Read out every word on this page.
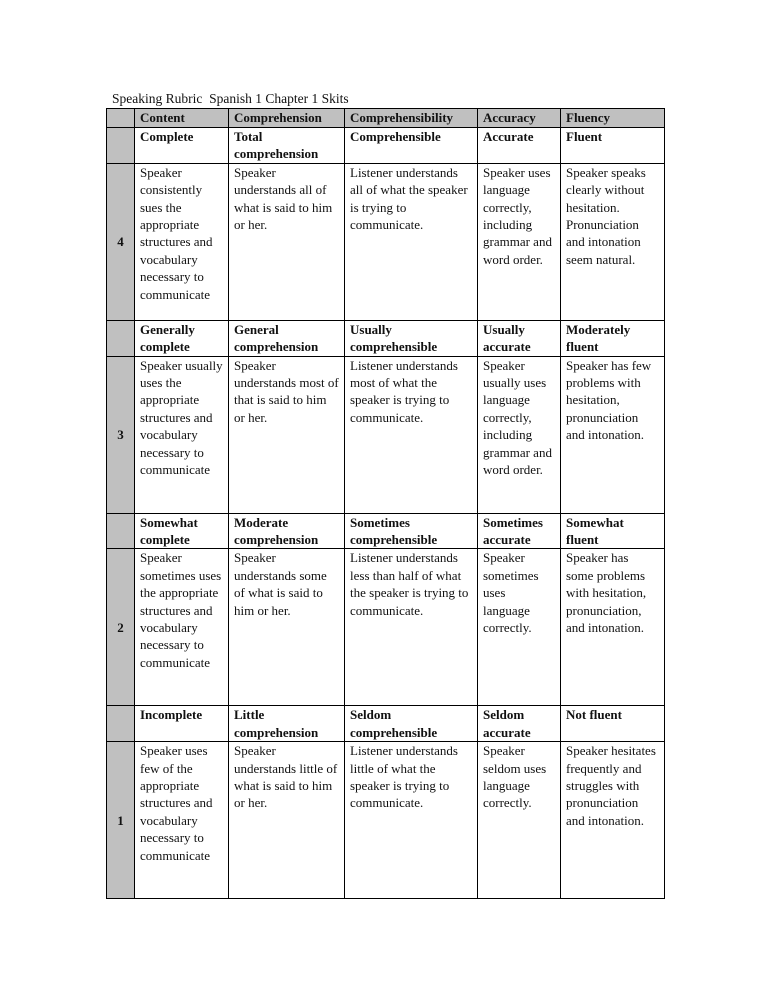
Speaking Rubric  Spanish 1 Chapter 1 Skits
	Content	Comprehension	Comprehensibility	Accuracy	Fluency
	Complete	Total comprehension	Comprehensible	Accurate	Fluent
4	Speaker consistently sues the appropriate structures and vocabulary necessary to communicate	Speaker understands all of what is said to him or her.	Listener understands all of what the speaker is trying to communicate.	Speaker uses language correctly, including grammar and word order.	Speaker speaks clearly without hesitation. Pronunciation and intonation seem natural.
	Generally complete	General comprehension	Usually comprehensible	Usually accurate	Moderately fluent
3	Speaker usually uses the appropriate structures and vocabulary necessary to communicate	Speaker understands most of that is said to him or her.	Listener understands most of what the speaker is trying to communicate.	Speaker usually uses language correctly, including grammar and word order.	Speaker has few problems with hesitation, pronunciation and intonation.
	Somewhat complete	Moderate comprehension	Sometimes comprehensible	Sometimes accurate	Somewhat fluent
2	Speaker sometimes uses the appropriate structures and vocabulary necessary to communicate	Speaker understands some of what is said to him or her.	Listener understands less than half of what the speaker is trying to communicate.	Speaker sometimes uses language correctly.	Speaker has some problems with hesitation, pronunciation, and intonation.
	Incomplete	Little comprehension	Seldom comprehensible	Seldom accurate	Not fluent
1	Speaker uses few of the appropriate structures and vocabulary necessary to communicate	Speaker understands little of what is said to him or her.	Listener understands little of what the speaker is trying to communicate.	Speaker seldom uses language correctly.	Speaker hesitates frequently and struggles with pronunciation and intonation.
